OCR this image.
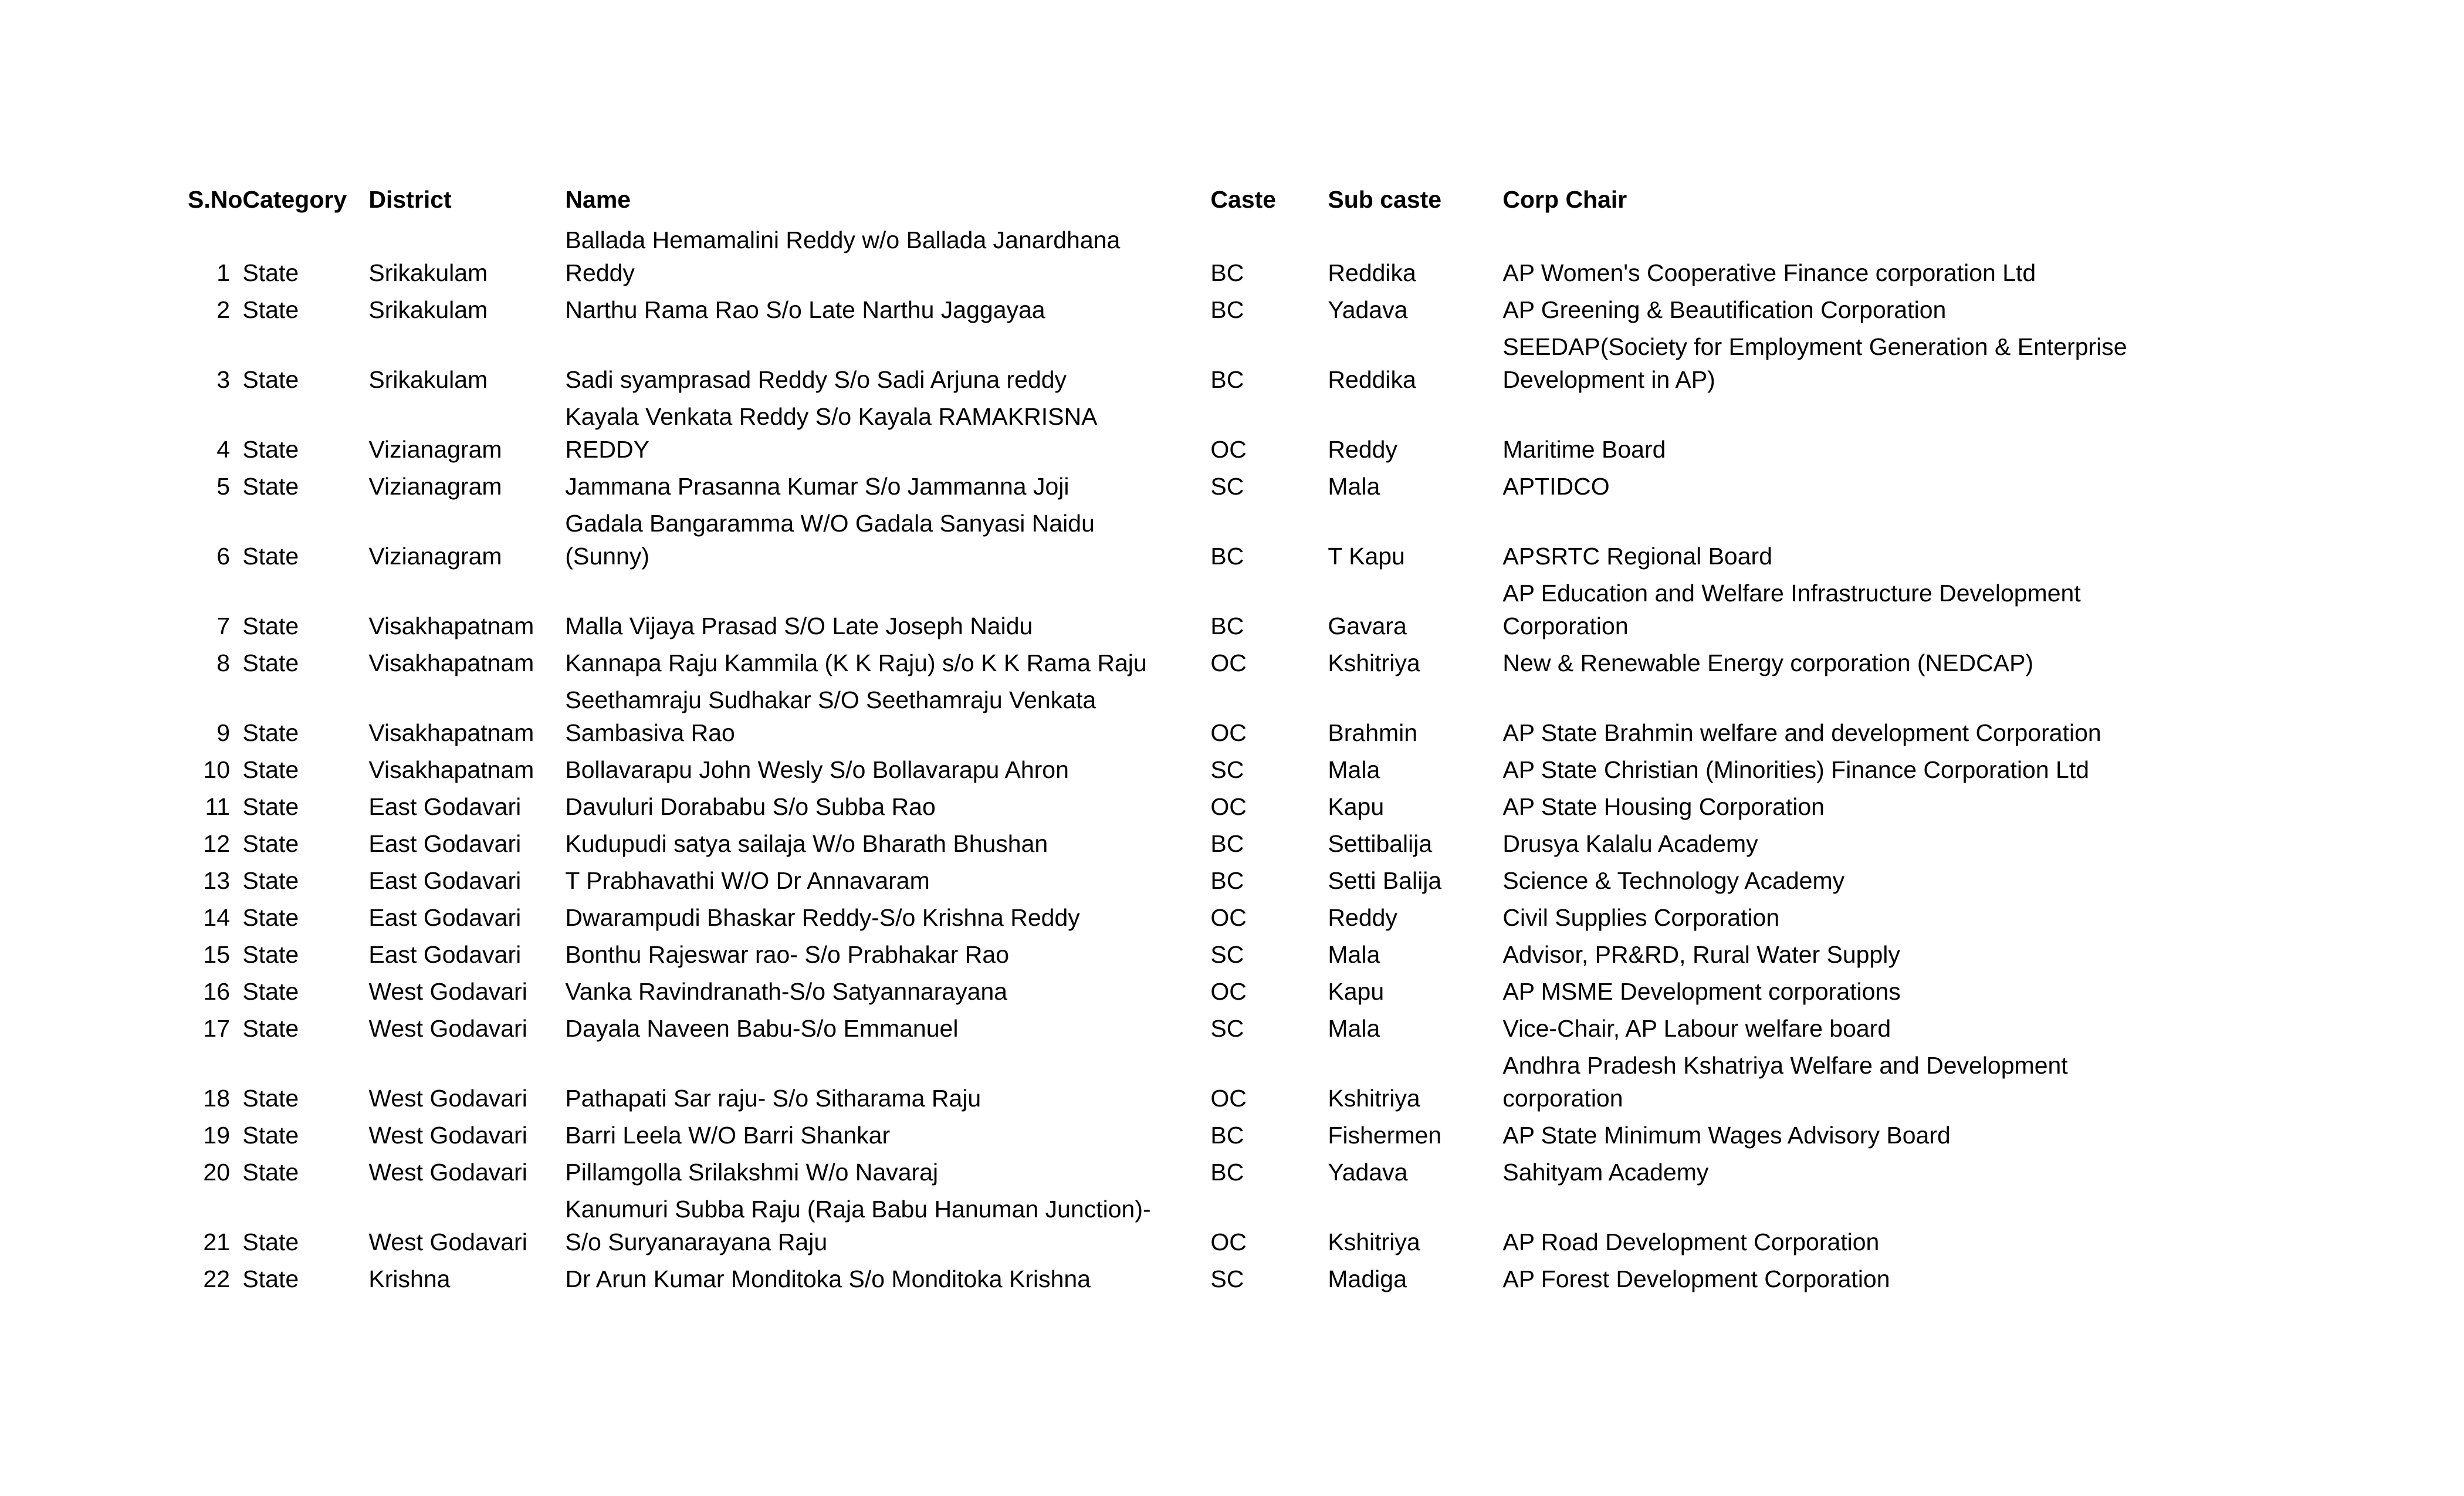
S.No	Category	District	Name	Caste	Sub caste	Corp Chair
1	State	Srikakulam	Ballada Hemamalini Reddy w/o Ballada Janardhana Reddy	BC	Reddika	AP Women's Cooperative Finance corporation Ltd
2	State	Srikakulam	Narthu Rama Rao S/o Late Narthu Jaggayaa	BC	Yadava	AP Greening & Beautification Corporation
3	State	Srikakulam	Sadi syamprasad Reddy S/o Sadi Arjuna reddy	BC	Reddika	SEEDAP(Society for Employment Generation & Enterprise Development in AP)
4	State	Vizianagram	Kayala Venkata Reddy S/o Kayala RAMAKRISNA REDDY	OC	Reddy	Maritime Board
5	State	Vizianagram	Jammana Prasanna Kumar S/o Jammanna Joji	SC	Mala	APTIDCO
6	State	Vizianagram	Gadala Bangaramma W/O Gadala Sanyasi Naidu (Sunny)	BC	T Kapu	APSRTC Regional Board
7	State	Visakhapatnam	Malla Vijaya Prasad S/O Late Joseph Naidu	BC	Gavara	AP Education and Welfare Infrastructure Development Corporation
8	State	Visakhapatnam	Kannapa Raju Kammila (K K Raju) s/o K K Rama Raju	OC	Kshitriya	New & Renewable Energy corporation (NEDCAP)
9	State	Visakhapatnam	Seethamraju Sudhakar S/O Seethamraju Venkata Sambasiva Rao	OC	Brahmin	AP State Brahmin welfare and development Corporation
10	State	Visakhapatnam	Bollavarapu John Wesly S/o Bollavarapu Ahron	SC	Mala	AP State Christian (Minorities) Finance Corporation Ltd
11	State	East Godavari	Davuluri Dorababu S/o Subba Rao	OC	Kapu	AP State Housing Corporation
12	State	East Godavari	Kudupudi satya sailaja W/o Bharath Bhushan	BC	Settibalija	Drusya Kalalu Academy
13	State	East Godavari	T Prabhavathi W/O Dr Annavaram	BC	Setti Balija	Science & Technology Academy
14	State	East Godavari	Dwarampudi Bhaskar Reddy-S/o Krishna Reddy	OC	Reddy	Civil Supplies Corporation
15	State	East Godavari	Bonthu Rajeswar rao- S/o Prabhakar Rao	SC	Mala	Advisor, PR&RD, Rural Water Supply
16	State	West Godavari	Vanka Ravindranath-S/o Satyannarayana	OC	Kapu	AP MSME Development corporations
17	State	West Godavari	Dayala Naveen Babu-S/o Emmanuel	SC	Mala	Vice-Chair, AP Labour welfare board
18	State	West Godavari	Pathapati Sar raju- S/o Sitharama Raju	OC	Kshitriya	Andhra Pradesh Kshatriya Welfare and Development corporation
19	State	West Godavari	Barri Leela W/O Barri Shankar	BC	Fishermen	AP State Minimum Wages Advisory Board
20	State	West Godavari	Pillamgolla Srilakshmi W/o Navaraj	BC	Yadava	Sahityam Academy
21	State	West Godavari	Kanumuri Subba Raju (Raja Babu Hanuman Junction)-S/o Suryanarayana Raju	OC	Kshitriya	AP Road Development Corporation
22	State	Krishna	Dr Arun Kumar Monditoka S/o Monditoka Krishna	SC	Madiga	AP Forest Development Corporation
